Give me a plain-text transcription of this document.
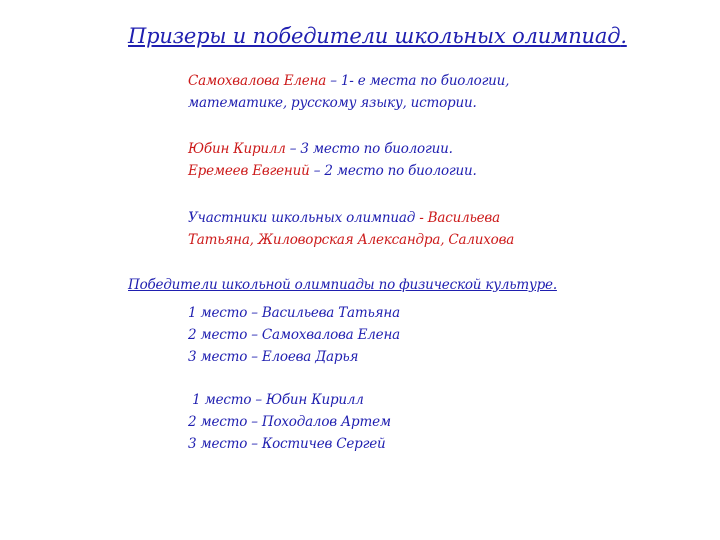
Призеры и победители школьных олимпиад.
Самохвалова Елена – 1- е места по биологии,
математике, русскому языку, истории.
Юбин Кирилл – 3 место по биологии.
Еремеев Евгений – 2 место по биологии.
Участники школьных олимпиад - Васильева
Татьяна, Жиловорская Александра, Салихова
Победители школьной олимпиады по физической культуре.
1 место – Васильева Татьяна
2 место – Самохвалова Елена
3 место – Елоева Дарья
1 место – Юбин Кирилл
2 место – Походалов Артем
3 место – Костичев Сергей
